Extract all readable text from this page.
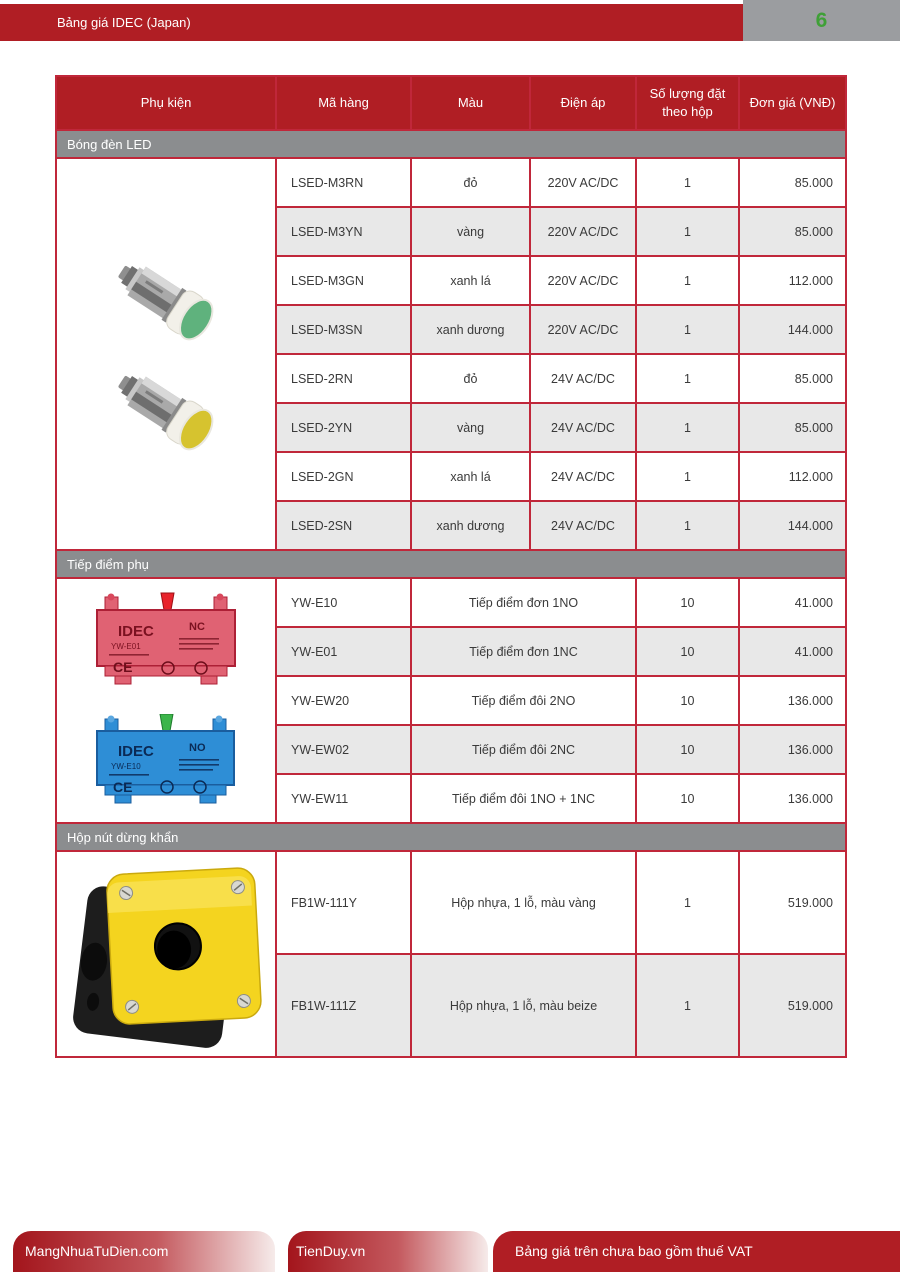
Bảng giá IDEC (Japan)	6
Phụ kiện	Mã hàng	Màu	Điện áp	Số lượng đặt theo hộp	Đơn giá (VNĐ)
Bóng đèn LED					

	LSED-M3RN	đỏ	220V AC/DC	1	85.000
	LSED-M3YN	vàng	220V AC/DC	1	85.000
	LSED-M3GN	xanh lá	220V AC/DC	1	112.000
	LSED-M3SN	xanh dương	220V AC/DC	1	144.000
	LSED-2RN	đỏ	24V AC/DC	1	85.000
	LSED-2YN	vàng	24V AC/DC	1	85.000
	LSED-2GN	xanh lá	24V AC/DC	1	112.000
	LSED-2SN	xanh dương	24V AC/DC	1	144.000
Tiếp điểm phụ					

IDEC
YW-E01
NC
CE
IDEC
YW-E10
NO
CE
	YW-E10	Tiếp điểm đơn 1NO	10	41.000
	YW-E01	Tiếp điểm đơn 1NC		10	41.000
	YW-EW20	Tiếp điểm đôi 2NO		10	136.000
	YW-EW02	Tiếp điểm đôi 2NC		10	136.000
	YW-EW11	Tiếp điểm đôi 1NO + 1NC		10	136.000
Hộp nút dừng khẩn					

	FB1W-111Y	Hộp nhựa, 1 lỗ, màu vàng		1	519.000
	FB1W-111Z	Hộp nhựa, 1 lỗ, màu beize		1	519.000
MangNhuaTuDien.com	TienDuy.vn	Bảng giá trên chưa bao gồm thuế VAT
